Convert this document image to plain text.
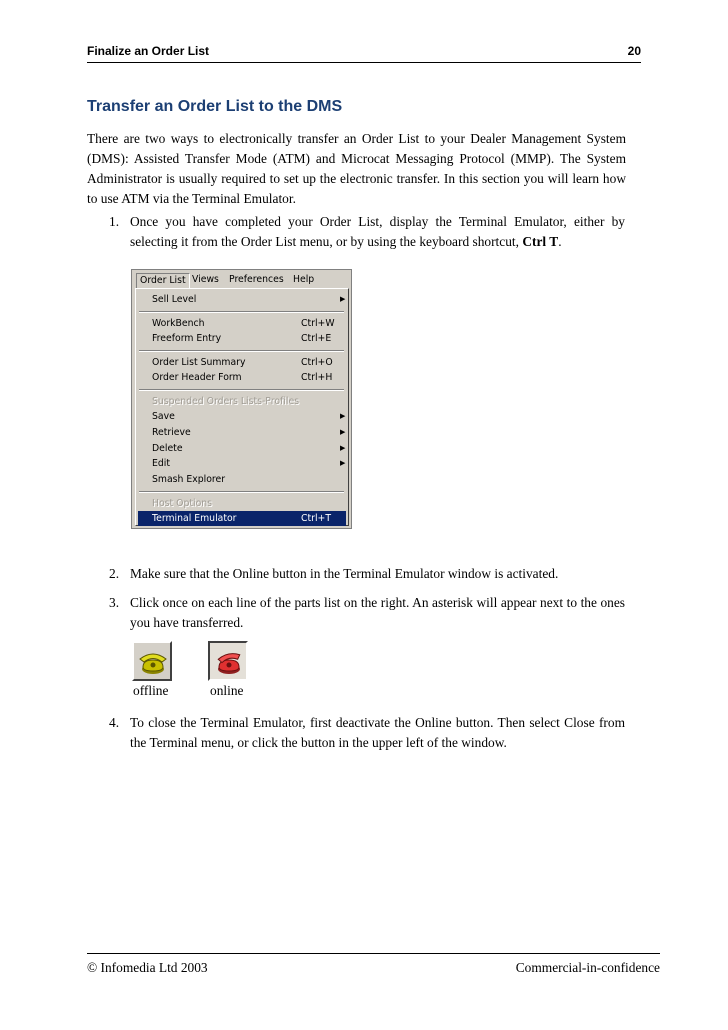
Finalize an Order List	20
Transfer an Order List to the DMS

There are two ways to electronically transfer an Order List to your Dealer Management System (DMS): Assisted Transfer Mode (ATM) and Microcat Messaging Protocol (MMP). The System Administrator is usually required to set up the electronic transfer. In this section you will learn how to use ATM via the Terminal Emulator.

1. Once you have completed your Order List, display the Terminal Emulator, either by selecting it from the Order List menu, or by using the keyboard shortcut, Ctrl T.
Order List Views	Preferences	Help
Sell Level	▶
WorkBench	Ctrl+W
Freeform Entry	Ctrl+E
Order List Summary	Ctrl+O
Order Header Form	Ctrl+H
Suspended Orders Lists-Profiles
Save	▶
Retrieve	▶
Delete	▶
Edit	▶
Smash Explorer
Host Options
Terminal Emulator	Ctrl+T
2. Make sure that the Online button in the Terminal Emulator window is activated.
3. Click once on each line of the parts list on the right. An asterisk will appear next to the ones you have transferred.
offline	online
4. To close the Terminal Emulator, first deactivate the Online button. Then select Close from the Terminal menu, or click the button in the upper left of the window.
© Infomedia Ltd 2003	Commercial-in-confidence
